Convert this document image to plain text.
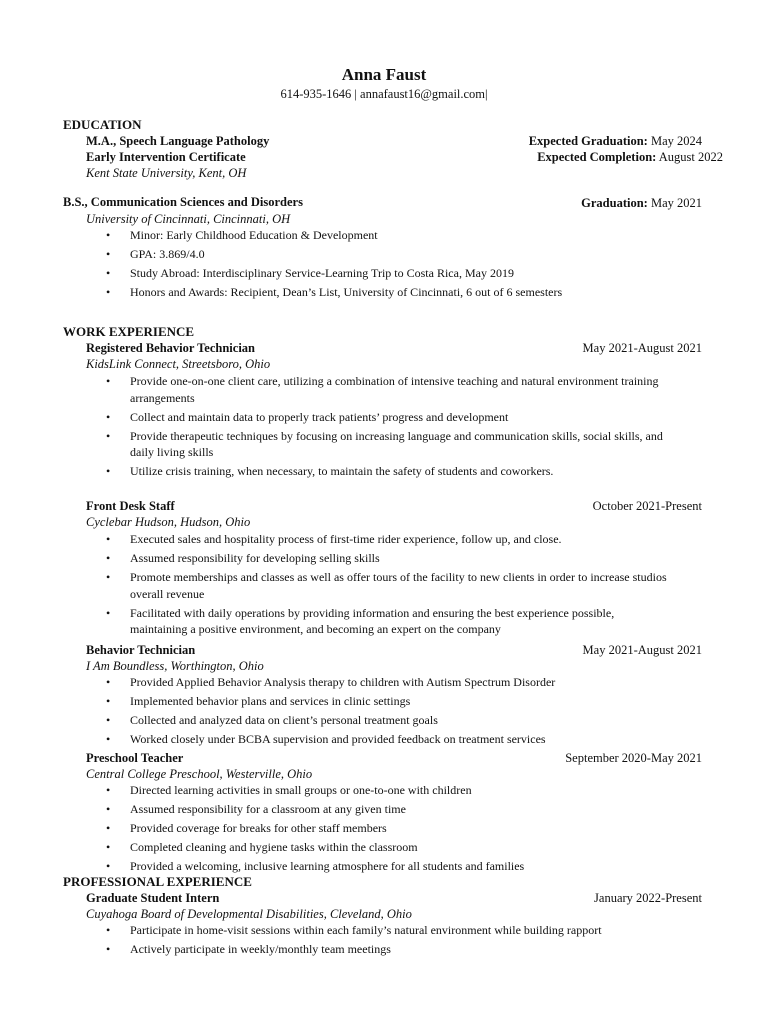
Anna Faust
614-935-1646 | annafaust16@gmail.com|
EDUCATION
M.A., Speech Language Pathology	Expected Graduation: May 2024
Early Intervention Certificate	Expected Completion: August 2022
Kent State University, Kent, OH
B.S., Communication Sciences and Disorders	Graduation: May 2021
University of Cincinnati, Cincinnati, OH
• Minor: Early Childhood Education & Development
• GPA: 3.869/4.0
• Study Abroad: Interdisciplinary Service-Learning Trip to Costa Rica, May 2019
• Honors and Awards: Recipient, Dean’s List, University of Cincinnati, 6 out of 6 semesters
WORK EXPERIENCE
Registered Behavior Technician	May 2021-August 2021
KidsLink Connect, Streetsboro, Ohio
• Provide one-on-one client care, utilizing a combination of intensive teaching and natural environment training arrangements
• Collect and maintain data to properly track patients’ progress and development
• Provide therapeutic techniques by focusing on increasing language and communication skills, social skills, and daily living skills
• Utilize crisis training, when necessary, to maintain the safety of students and coworkers.
Front Desk Staff	October 2021-Present
Cyclebar Hudson, Hudson, Ohio
• Executed sales and hospitality process of first-time rider experience, follow up, and close.
• Assumed responsibility for developing selling skills
• Promote memberships and classes as well as offer tours of the facility to new clients in order to increase studios overall revenue
• Facilitated with daily operations by providing information and ensuring the best experience possible, maintaining a positive environment, and becoming an expert on the company
Behavior Technician	May 2021-August 2021
I Am Boundless, Worthington, Ohio
• Provided Applied Behavior Analysis therapy to children with Autism Spectrum Disorder
• Implemented behavior plans and services in clinic settings
• Collected and analyzed data on client’s personal treatment goals
• Worked closely under BCBA supervision and provided feedback on treatment services
Preschool Teacher	September 2020-May 2021
Central College Preschool, Westerville, Ohio
• Directed learning activities in small groups or one-to-one with children
• Assumed responsibility for a classroom at any given time
• Provided coverage for breaks for other staff members
• Completed cleaning and hygiene tasks within the classroom
• Provided a welcoming, inclusive learning atmosphere for all students and families
PROFESSIONAL EXPERIENCE
Graduate Student Intern	January 2022-Present
Cuyahoga Board of Developmental Disabilities, Cleveland, Ohio
• Participate in home-visit sessions within each family’s natural environment while building rapport
• Actively participate in weekly/monthly team meetings
